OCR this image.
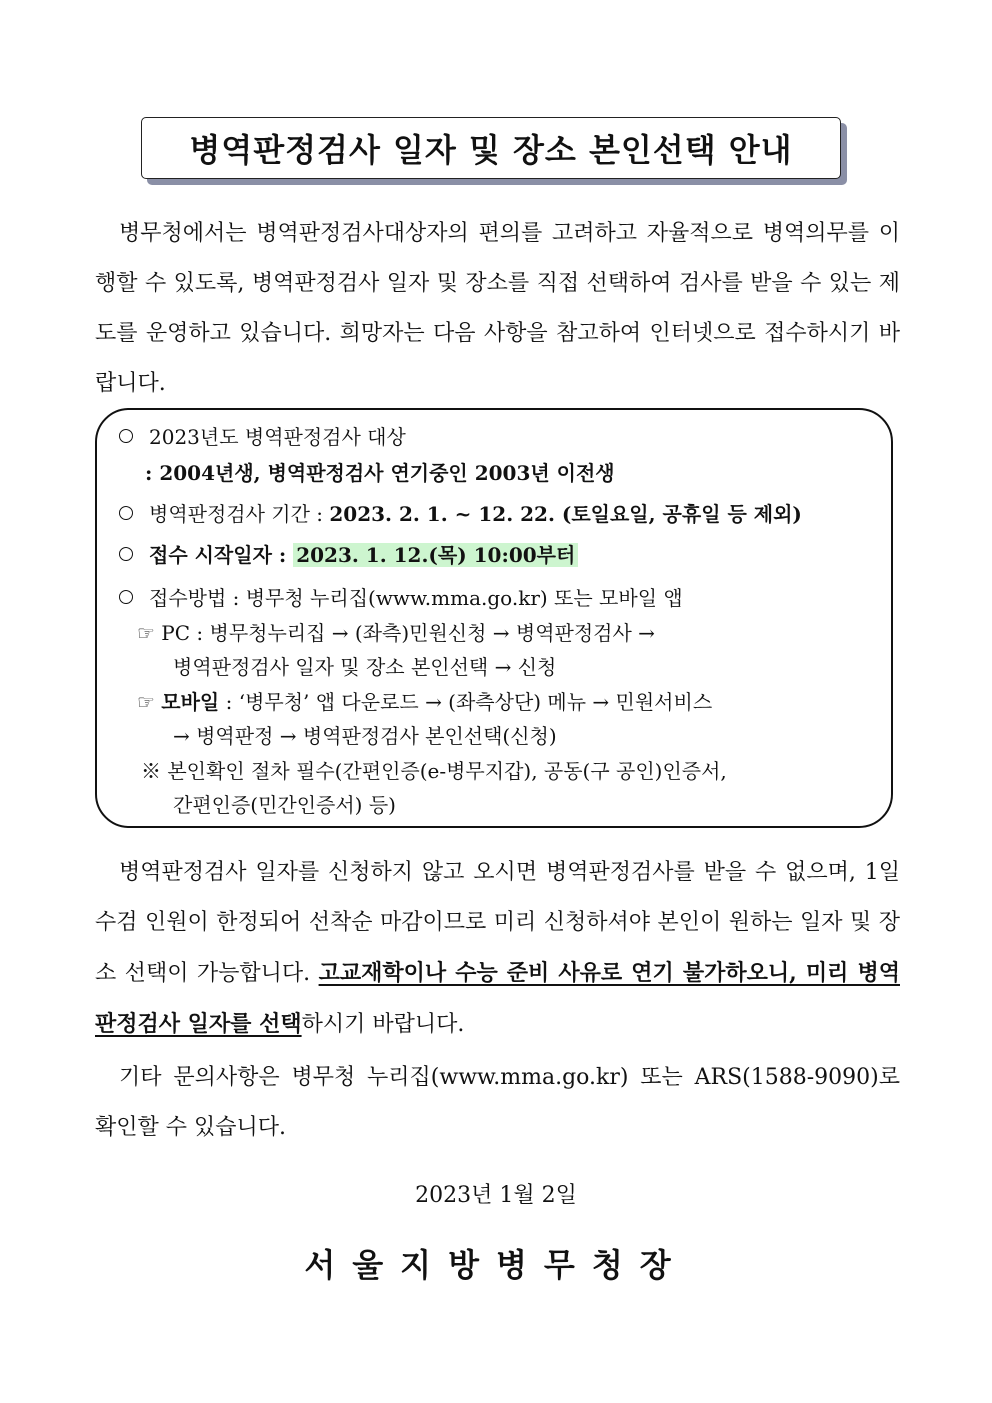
병역판정검사 일자 및 장소 본인선택 안내

병무청에서는 병역판정검사대상자의 편의를 고려하고 자율적으로 병역의무를 이행할 수 있도록, 병역판정검사 일자 및 장소를 직접 선택하여 검사를 받을 수 있는 제도를 운영하고 있습니다. 희망자는 다음 사항을 참고하여 인터넷으로 접수하시기 바랍니다.

2023년도 병역판정검사 대상
: 2004년생, 병역판정검사 연기중인 2003년 이전생
병역판정검사 기간 : 2023. 2. 1. ~ 12. 22. (토일요일, 공휴일 등 제외)
접수 시작일자 : 2023. 1. 12.(목) 10:00부터
접수방법 : 병무청 누리집(www.mma.go.kr) 또는 모바일 앱
☞ PC : 병무청누리집 → (좌측)민원신청 → 병역판정검사 →
병역판정검사 일자 및 장소 본인선택 → 신청
☞ 모바일 : ‘병무청’ 앱 다운로드 → (좌측상단) 메뉴 → 민원서비스
→ 병역판정 → 병역판정검사 본인선택(신청)
※ 본인확인 절차 필수(간편인증(e-병무지갑), 공동(구 공인)인증서,
간편인증(민간인증서) 등)

병역판정검사 일자를 신청하지 않고 오시면 병역판정검사를 받을 수 없으며, 1일 수검 인원이 한정되어 선착순 마감이므로 미리 신청하셔야 본인이 원하는 일자 및 장소 선택이 가능합니다. 고교재학이나 수능 준비 사유로 연기 불가하오니, 미리 병역판정검사 일자를 선택하시기 바랍니다.

기타 문의사항은 병무청 누리집(www.mma.go.kr) 또는 ARS(1588-9090)로 확인할 수 있습니다.

2023년 1월 2일
서울지방병무청장
